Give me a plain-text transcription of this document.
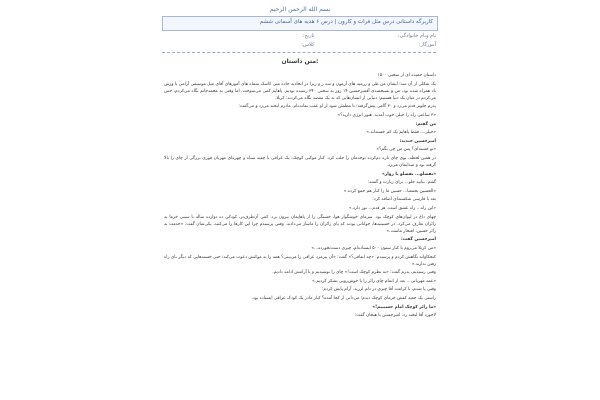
بسم الله الرحمن الرحیم
کاربرگه داستانی درس مثل فرات و کارون | درس ۶ هدیه های آسمانی ششم
نام ونام خانوادگی: تاریخ:
آموزگار: کلاس:
متن داستان:

داستان حمیده ای از سختی ۱۵۰۰

یک شکلی از آن سه؛ ایشان من طی و رزمیه های آزمون و سه ز و زیرا در اتحادیه جاده منی کاسک سماه های آموزهای آقای مثل موسیقی آرامی با وزش باد همراه شده بود، من و بسیجمندی آقمیرحسین ۱۴ روز به سختی ۳۴۰ رسیده بودیم. پاهایم کمی می‌سوخت، اما وقتی به محمدجانم نگاه می‌کردم، حس می‌کردم در میان یک دنیا هستیم؛ دنیایی از انسان‌هایی که به یک مقصد نگاه می‌کردند: کربلا.

پدرم جلوتر قدم می‌زد و ۳۰ گامی پیش‌گرفته؛ تا مطمئن شود از او عقب نمانده‌ام. مادرم لبخند می‌زد و می‌گفت:

«۳ ساعتی راه را خیلی خوب آمدید. هنوز انرژی دارید؟»

من گفتم:

«خیلی... فقط پاهایم یک کم خسته‌اند.»

امیرحسین خندید:

«تو خسته‌ای؟ پس من چی بگم؟»

در همین لحظه، بوی چای تازه دم‌کرده توجه‌مان را جلب کرد. کنار موکبی کوچک، یک عراقی با چفیه سیاه و چهره‌ای مهربان قوری بزرگی از چای را بالا گرفته بود و صدایمان می‌زد.

«تفضلو... تفضلو یا زوار»

گفتم: بیایید جلو... برای زیارت و گفتند:

«الحسین یجمعنا... حسین ما را کنار هم جمع کرده.»

بعد با فارسی شکسته‌ای اضافه کرد:

«این راه... راه عشق است. هر قدم... نور دارد.»

چهای داغ در لیوان‌های کوچک بود. سرمای خوشگوار هوا، خستگی را از پاهایمان بیرون برد. کمی آن‌طرف‌تر، کودکی ده دوازده ساله با سینی خرما به زائران تعارف می‌کرد. در حسینیه‌ها، جوانانی بودند که پای زائران را ماساژ می‌دادند. وقتی پرسیدم چرا این کارها را می‌کنند، یکی‌شان گفت: «خدمت به زائر حسین، افتخار ماست.»

امیرحسین گفت:

«من کربلا می‌روم تا کنار ستون ۵۰۰ ایستاده‌ام، چیزی دست‌نخورده...»

کنجکاوانه نگاهش کردم و پرسیدم: «چه اتفاقی؟» گفت: «آن پیرمرد عراقی را می‌بینی؟ همه را به موکبش دعوت می‌کند؛ حتی خسته‌هایی که دیگر نای راه رفتن ندارند.»

وقتی رسیدیم، پدرم گفت: «به نظرم کوچک است!» چای را نوشیدیم و با آرامش ادامه دادیم.

«عمه مهربانی... بعد از اتمام چای زائر را با خوش‌رویی تشکر کردیم.»

وقتی پا شدم، با کرامت آقا چیزی در دلم لرزید. آرام پایش کردم:

راستی یک جعبه کفش خرمای کوچک دیدم؛ می‌دانی از کجا آمده؟ کنار مادر یک کودک عراقی ایستاده بود.

«ما زائر کوچک امام حسینیم!»

لاجورد آقا لبخند زد، امیرحسین با هیجان گفت:
